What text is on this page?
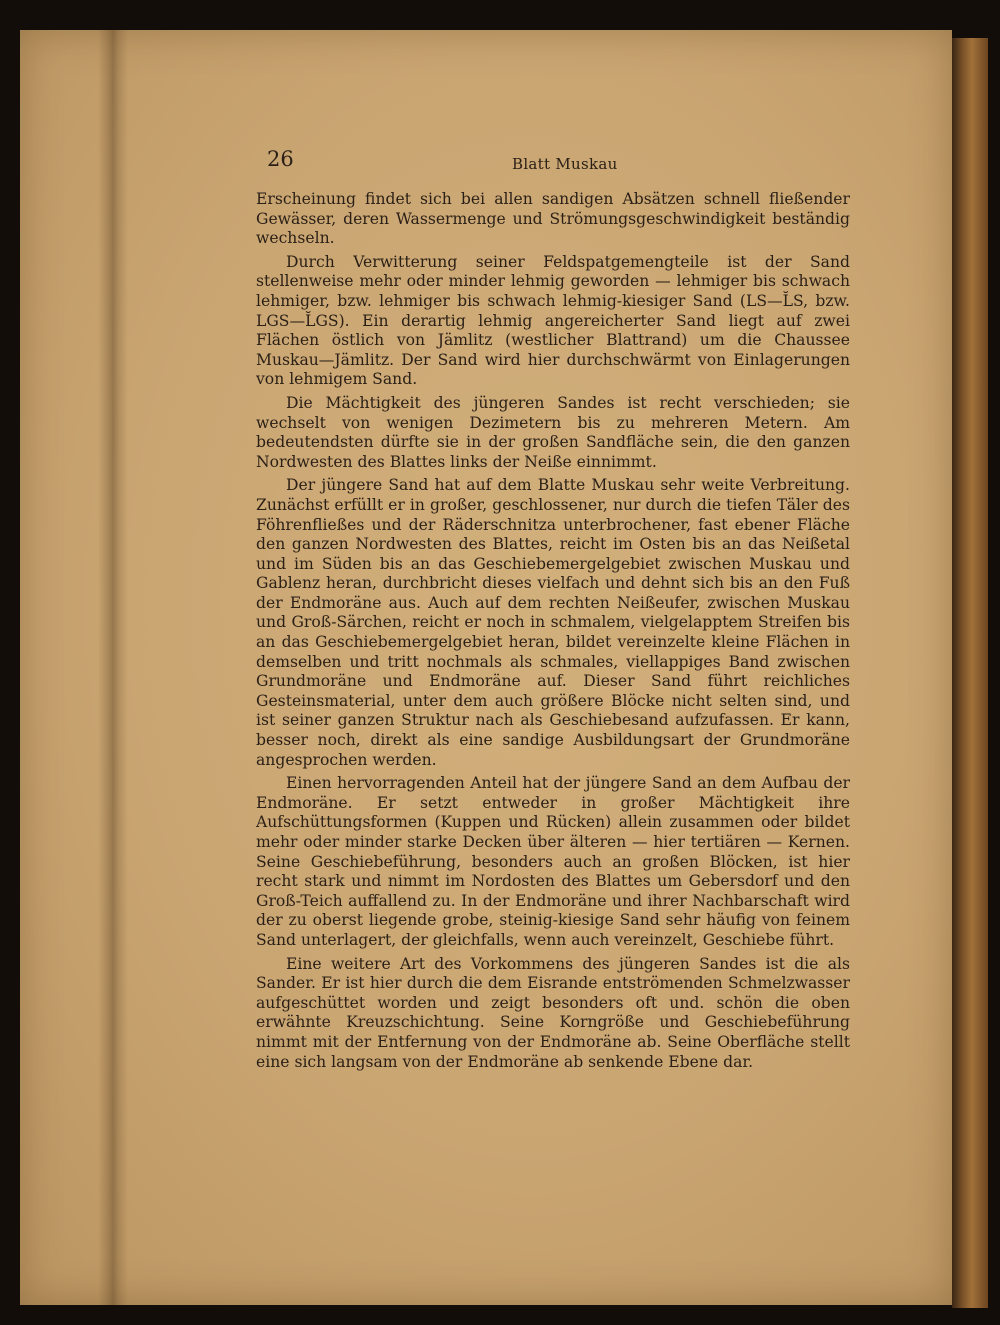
26	Blatt Muskau

Erscheinung findet sich bei allen sandigen Absätzen schnell fließender Gewässer, deren Wassermenge und Strömungsgeschwindigkeit beständig wechseln.

Durch Verwitterung seiner Feldspatgemengteile ist der Sand stellenweise mehr oder minder lehmig geworden — lehmiger bis schwach lehmiger, bzw. lehmiger bis schwach lehmig-kiesiger Sand (LS—L̆S, bzw. LGS—L̆GS). Ein derartig lehmig angereicherter Sand liegt auf zwei Flächen östlich von Jämlitz (westlicher Blattrand) um die Chaussee Muskau—Jämlitz. Der Sand wird hier durchschwärmt von Einlagerungen von lehmigem Sand.

Die Mächtigkeit des jüngeren Sandes ist recht verschieden; sie wechselt von wenigen Dezimetern bis zu mehreren Metern. Am bedeutendsten dürfte sie in der großen Sandfläche sein, die den ganzen Nordwesten des Blattes links der Neiße einnimmt.

Der jüngere Sand hat auf dem Blatte Muskau sehr weite Verbreitung. Zunächst erfüllt er in großer, geschlossener, nur durch die tiefen Täler des Föhrenfließes und der Räderschnitza unterbrochener, fast ebener Fläche den ganzen Nordwesten des Blattes, reicht im Osten bis an das Neißetal und im Süden bis an das Geschiebemergelgebiet zwischen Muskau und Gablenz heran, durchbricht dieses vielfach und dehnt sich bis an den Fuß der Endmoräne aus. Auch auf dem rechten Neißeufer, zwischen Muskau und Groß-Särchen, reicht er noch in schmalem, vielgelapptem Streifen bis an das Geschiebemergelgebiet heran, bildet vereinzelte kleine Flächen in demselben und tritt nochmals als schmales, viellappiges Band zwischen Grundmoräne und Endmoräne auf. Dieser Sand führt reichliches Gesteinsmaterial, unter dem auch größere Blöcke nicht selten sind, und ist seiner ganzen Struktur nach als Geschiebesand aufzufassen. Er kann, besser noch, direkt als eine sandige Ausbildungsart der Grundmoräne angesprochen werden.

Einen hervorragenden Anteil hat der jüngere Sand an dem Aufbau der Endmoräne. Er setzt entweder in großer Mächtigkeit ihre Aufschüttungsformen (Kuppen und Rücken) allein zusammen oder bildet mehr oder minder starke Decken über älteren — hier tertiären — Kernen. Seine Geschiebeführung, besonders auch an großen Blöcken, ist hier recht stark und nimmt im Nordosten des Blattes um Gebersdorf und den Groß-Teich auffallend zu. In der Endmoräne und ihrer Nachbarschaft wird der zu oberst liegende grobe, steinig-kiesige Sand sehr häufig von feinem Sand unterlagert, der gleichfalls, wenn auch vereinzelt, Geschiebe führt.

Eine weitere Art des Vorkommens des jüngeren Sandes ist die als Sander. Er ist hier durch die dem Eisrande entströmenden Schmelzwasser aufgeschüttet worden und zeigt besonders oft und. schön die oben erwähnte Kreuzschichtung. Seine Korngröße und Geschiebeführung nimmt mit der Entfernung von der Endmoräne ab. Seine Oberfläche stellt eine sich langsam von der Endmoräne ab senkende Ebene dar.
